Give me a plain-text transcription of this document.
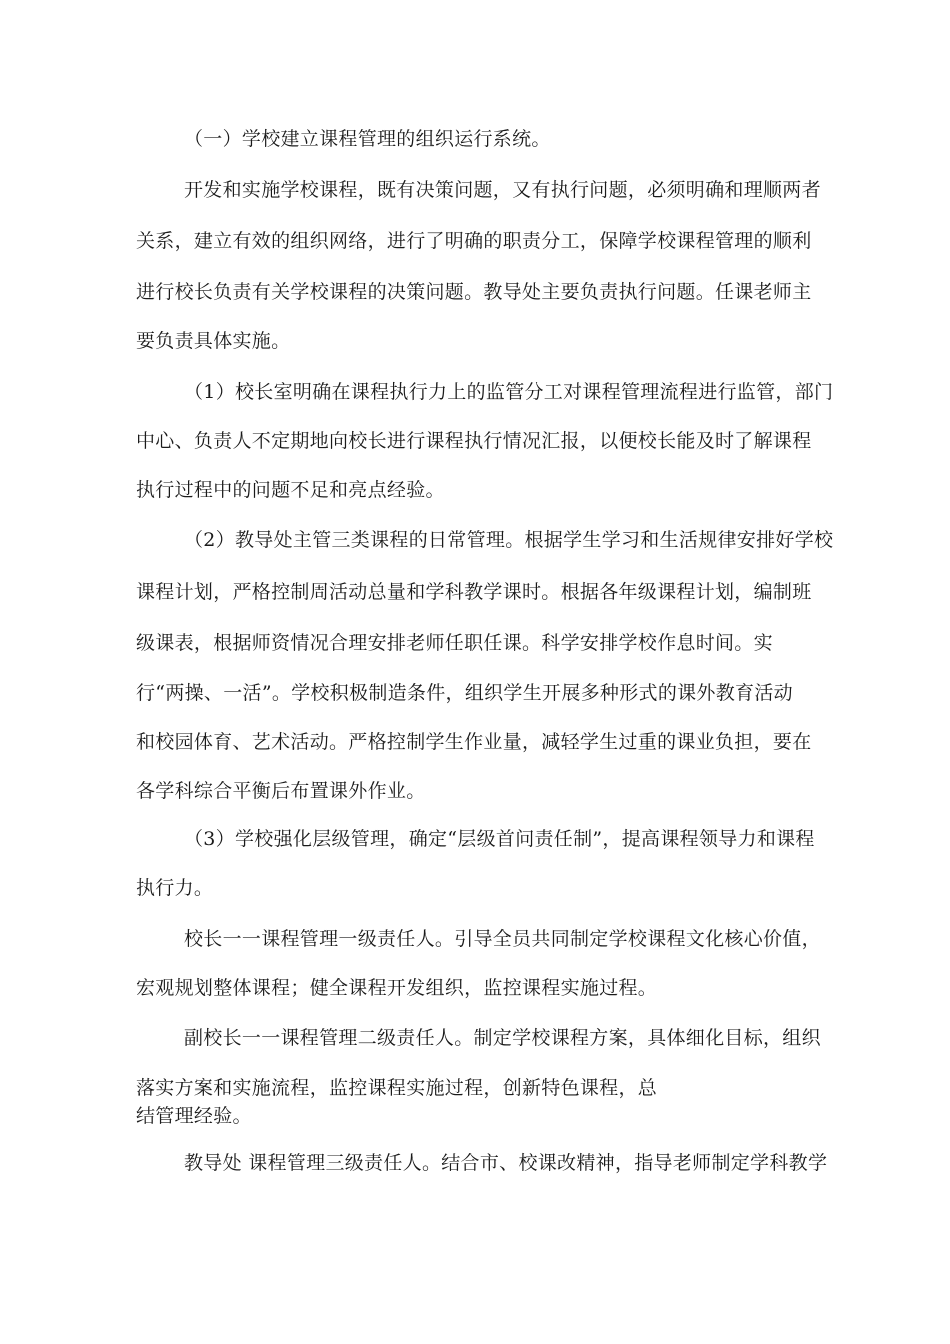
（一）学校建立课程管理的组织运行系统。
开发和实施学校课程，既有决策问题，又有执行问题，必须明确和理顺两者
关系，建立有效的组织网络，进行了明确的职责分工，保障学校课程管理的顺利
进行校长负责有关学校课程的决策问题。教导处主要负责执行问题。任课老师主
要负责具体实施。
（1）校长室明确在课程执行力上的监管分工对课程管理流程进行监管，部门
中心、负责人不定期地向校长进行课程执行情况汇报，以便校长能及时了解课程
执行过程中的问题不足和亮点经验。
（2）教导处主管三类课程的日常管理。根据学生学习和生活规律安排好学校
课程计划，严格控制周活动总量和学科教学课时。根据各年级课程计划，编制班
级课表，根据师资情况合理安排老师任职任课。科学安排学校作息时间。实
行“两操、一活”。学校积极制造条件，组织学生开展多种形式的课外教育活动
和校园体育、艺术活动。严格控制学生作业量，减轻学生过重的课业负担，要在
各学科综合平衡后布置课外作业。
（3）学校强化层级管理，确定“层级首问责任制”，提高课程领导力和课程
执行力。
校长一一课程管理一级责任人。引导全员共同制定学校课程文化核心价值，
宏观规划整体课程；健全课程开发组织，监控课程实施过程。
副校长一一课程管理二级责任人。制定学校课程方案，具体细化目标，组织
落实方案和实施流程，监控课程实施过程，创新特色课程，总
结管理经验。
教导处 课程管理三级责任人。结合市、校课改精神，指导老师制定学科教学
